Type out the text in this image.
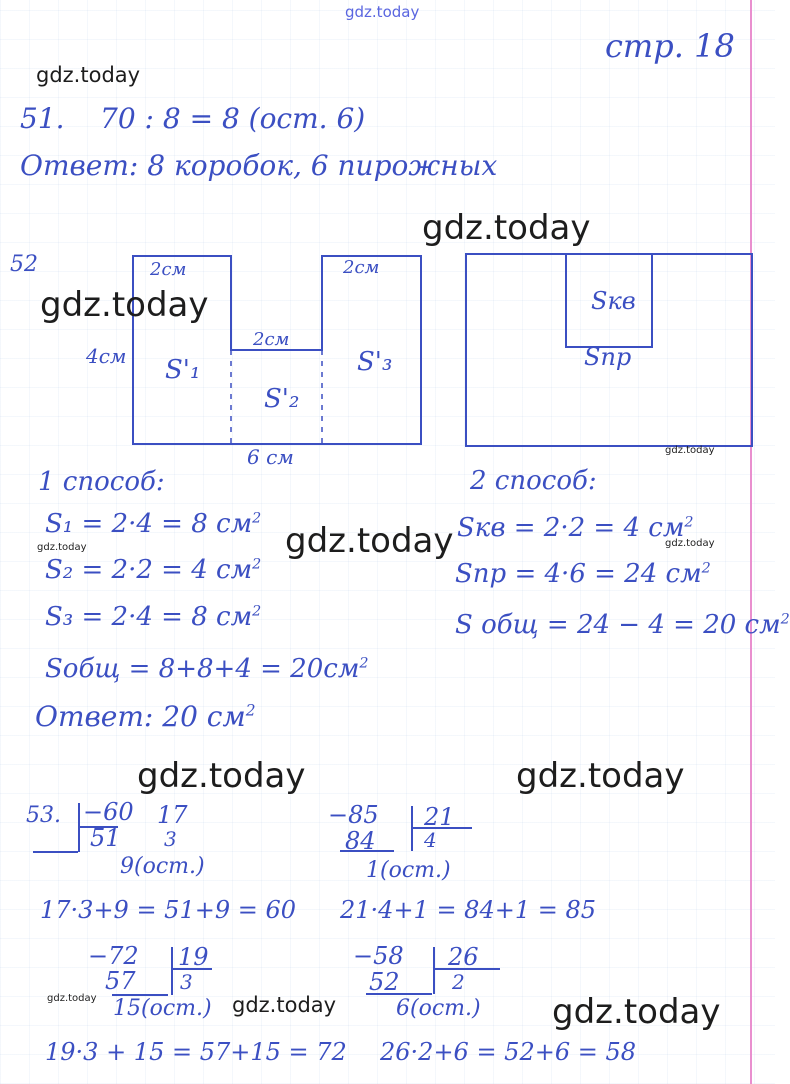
gdz.today
gdz.today
gdz.today
gdz.today
gdz.today
gdz.today
gdz.today	gdz.today
gdz.today	gdz.today
gdz.today	gdz.today	gdz.today
стр. 18
51. 70 : 8 = 8 (ост. 6)
Ответ: 8 коробок, 6 пирожных
52	2см	2см
2см
4см S'₁
S'₂
S'₃
6 см
Sкв
Sпр
1 способ:
S₁ = 2·4 = 8 $см^2$
S₂ = 2·2 = 4 $см^2$
S₃ = 2·4 = 8 $см^2$
Sобщ = $8+8+4 = 20см^2$
Ответ: 20 $см^2$
2 способ:
Sкв = 2·2 = 4 $см^2$
Sпр = 4·6 = 24 $см^2$
S общ = 24 − 4 = 20 $см^2$
53. −60
51
17
3
9(ост.)
17·3+9 = 51+9 = 60
−85
84
21
4
1(ост.)
21·4+1 = 84+1 = 85
−72
57
19
3
15(ост.)
19·3 + 15 = 57+15 = 72
−58
52
26
2
6(ост.)
26·2+6 = 52+6 = 58
